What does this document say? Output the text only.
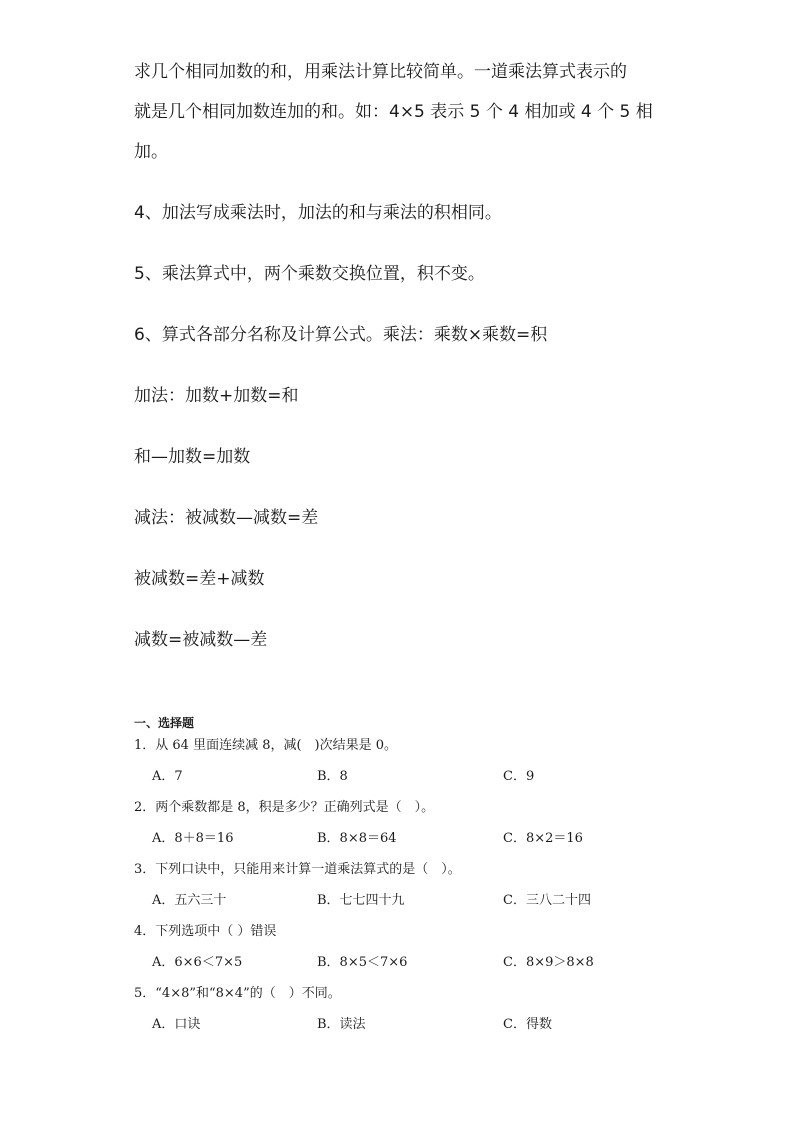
求几个相同加数的和，用乘法计算比较简单。一道乘法算式表示的

就是几个相同加数连加的和。如：4×5 表示 5 个 4 相加或 4 个 5 相

加。

4、加法写成乘法时，加法的和与乘法的积相同。

5、乘法算式中，两个乘数交换位置，积不变。

6、算式各部分名称及计算公式。乘法：乘数×乘数=积

加法：加数+加数=和

和—加数=加数

减法：被减数—减数=差

被减数=差+减数

减数=被减数—差

一、选择题

1．从 64 里面连续减 8，减(　)次结果是 0。

A．7	B．8	C．9

2．两个乘数都是 8，积是多少？正确列式是（　）。

A．8＋8＝16	B．8×8＝64	C．8×2＝16

3．下列口诀中，只能用来计算一道乘法算式的是（　）。

A．五六三十	B．七七四十九	C．三八二十四

4．下列选项中（ ）错误

A．6×6＜7×5	B．8×5＜7×6	C．8×9＞8×8

5．“4×8”和“8×4”的（　）不同。

A．口诀	B．读法	C．得数
